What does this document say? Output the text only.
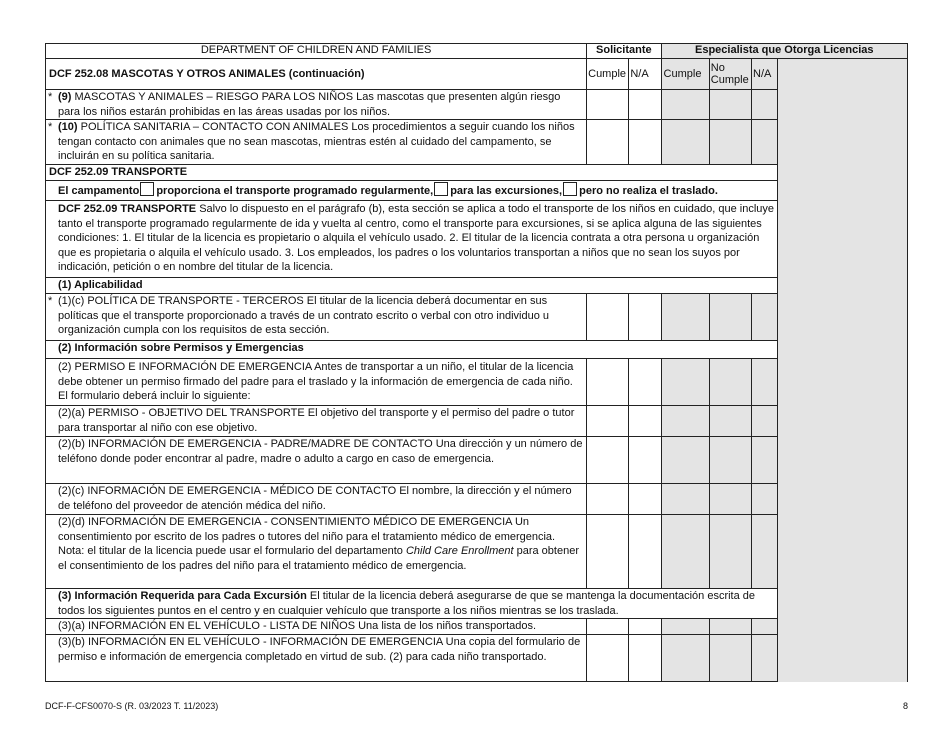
DEPARTMENT OF CHILDREN AND FAMILIES	Solicitante		Especialista que Otorga Licencias			
DCF 252.08 MASCOTAS Y OTROS ANIMALES (continuación)	Cumple	N/A	Cumple	No Cumple	N/A	

* (9) MASCOTAS Y ANIMALES – RIESGO PARA LOS NIÑOS Las mascotas que presenten algún riesgo para los niños estarán prohibidas en las áreas usadas por los niños.						

* (10) POLÍTICA SANITARIA – CONTACTO CON ANIMALES Los procedimientos a seguir cuando los niños tengan contacto con animales que no sean mascotas, mientras estén al cuidado del campamento, se incluirán en su política sanitaria.						
DCF 252.09 TRANSPORTE						
El campamento proporciona el transporte programado regularmente, para las excursiones, pero no realiza el traslado.						
DCF 252.09 TRANSPORTE Salvo lo dispuesto en el parágrafo (b), esta sección se aplica a todo el transporte de los niños en cuidado, que incluye tanto el transporte programado regularmente de ida y vuelta al centro, como el transporte para excursiones, si se aplica alguna de las siguientes condiciones: 1. El titular de la licencia es propietario o alquila el vehículo usado. 2. El titular de la licencia contrata a otra persona u organización que es propietaria o alquila el vehículo usado. 3. Los empleados, los padres o los voluntarios transportan a niños que no sean los suyos por indicación, petición o en nombre del titular de la licencia.						
(1) Aplicabilidad						

* (1)(c) POLÍTICA DE TRANSPORTE - TERCEROS El titular de la licencia deberá documentar en sus políticas que el transporte proporcionado a través de un contrato escrito o verbal con otro individuo u organización cumpla con los requisitos de esta sección.						
(2) Información sobre Permisos y Emergencias						
(2) PERMISO E INFORMACIÓN DE EMERGENCIA Antes de transportar a un niño, el titular de la licencia debe obtener un permiso firmado del padre para el traslado y la información de emergencia de cada niño. El formulario deberá incluir lo siguiente:						
(2)(a) PERMISO - OBJETIVO DEL TRANSPORTE El objetivo del transporte y el permiso del padre o tutor para transportar al niño con ese objetivo.						
(2)(b) INFORMACIÓN DE EMERGENCIA - PADRE/MADRE DE CONTACTO Una dirección y un número de teléfono donde poder encontrar al padre, madre o adulto a cargo en caso de emergencia.						
(2)(c) INFORMACIÓN DE EMERGENCIA - MÉDICO DE CONTACTO El nombre, la dirección y el número de teléfono del proveedor de atención médica del niño.						
(2)(d) INFORMACIÓN DE EMERGENCIA - CONSENTIMIENTO MÉDICO DE EMERGENCIA Un consentimiento por escrito de los padres o tutores del niño para el tratamiento médico de emergencia. Nota: el titular de la licencia puede usar el formulario del departamento Child Care Enrollment para obtener el consentimiento de los padres del niño para el tratamiento médico de emergencia.						
(3) Información Requerida para Cada Excursión El titular de la licencia deberá asegurarse de que se mantenga la documentación escrita de todos los siguientes puntos en el centro y en cualquier vehículo que transporte a los niños mientras se los traslada.						
(3)(a) INFORMACIÓN EN EL VEHÍCULO - LISTA DE NIÑOS Una lista de los niños transportados.						
(3)(b) INFORMACIÓN EN EL VEHÍCULO - INFORMACIÓN DE EMERGENCIA Una copia del formulario de permiso e información de emergencia completado en virtud de sub. (2) para cada niño transportado.						
DCF-F-CFS0070-S (R. 03/2023 T. 11/2023)	8
